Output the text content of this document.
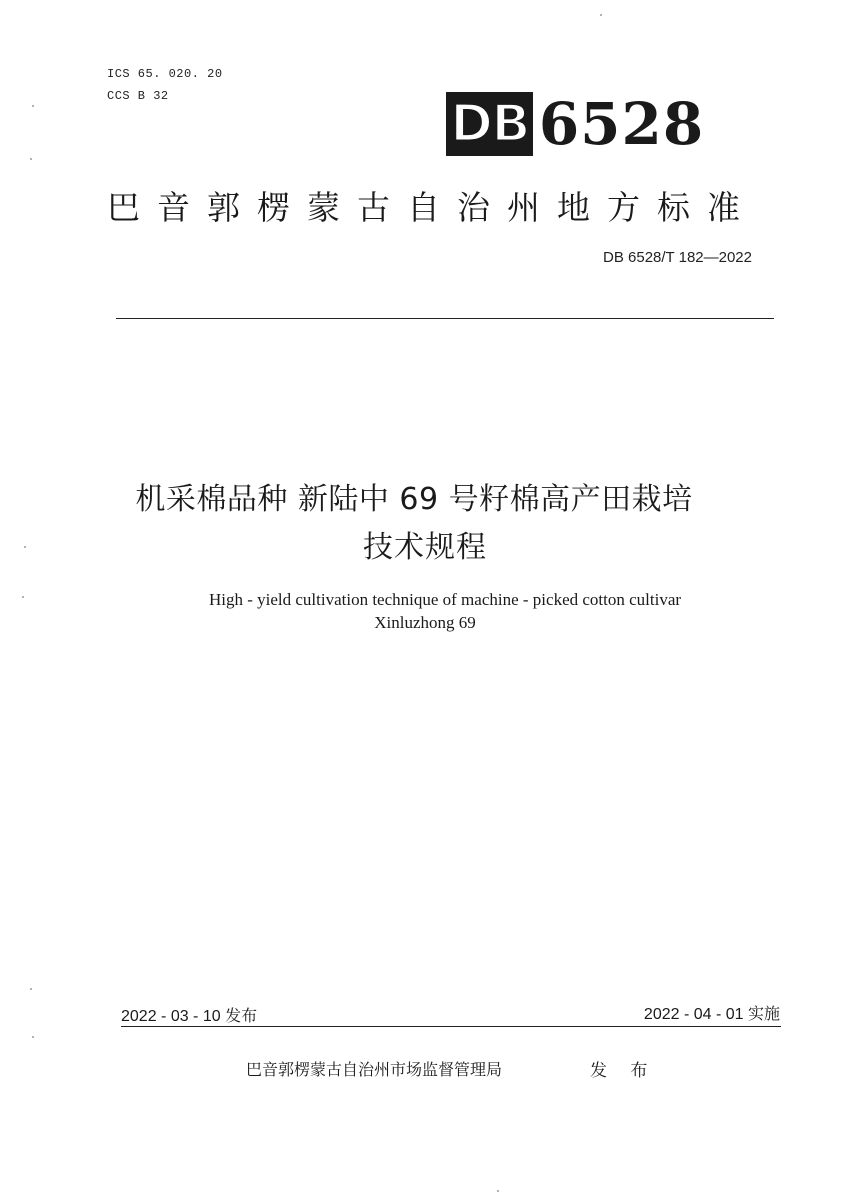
ICS 65. 020. 20
CCS B 32	DB 6528
巴音郭楞蒙古自治州地方标准
DB 6528/T 182—2022
机采棉品种 新陆中 69 号籽棉高产田栽培
技术规程
High - yield cultivation technique of machine - picked cotton cultivar
Xinluzhong 69
2022 - 03 - 10 发布	2022 - 04 - 01 实施
巴音郭楞蒙古自治州市场监督管理局	发 布
